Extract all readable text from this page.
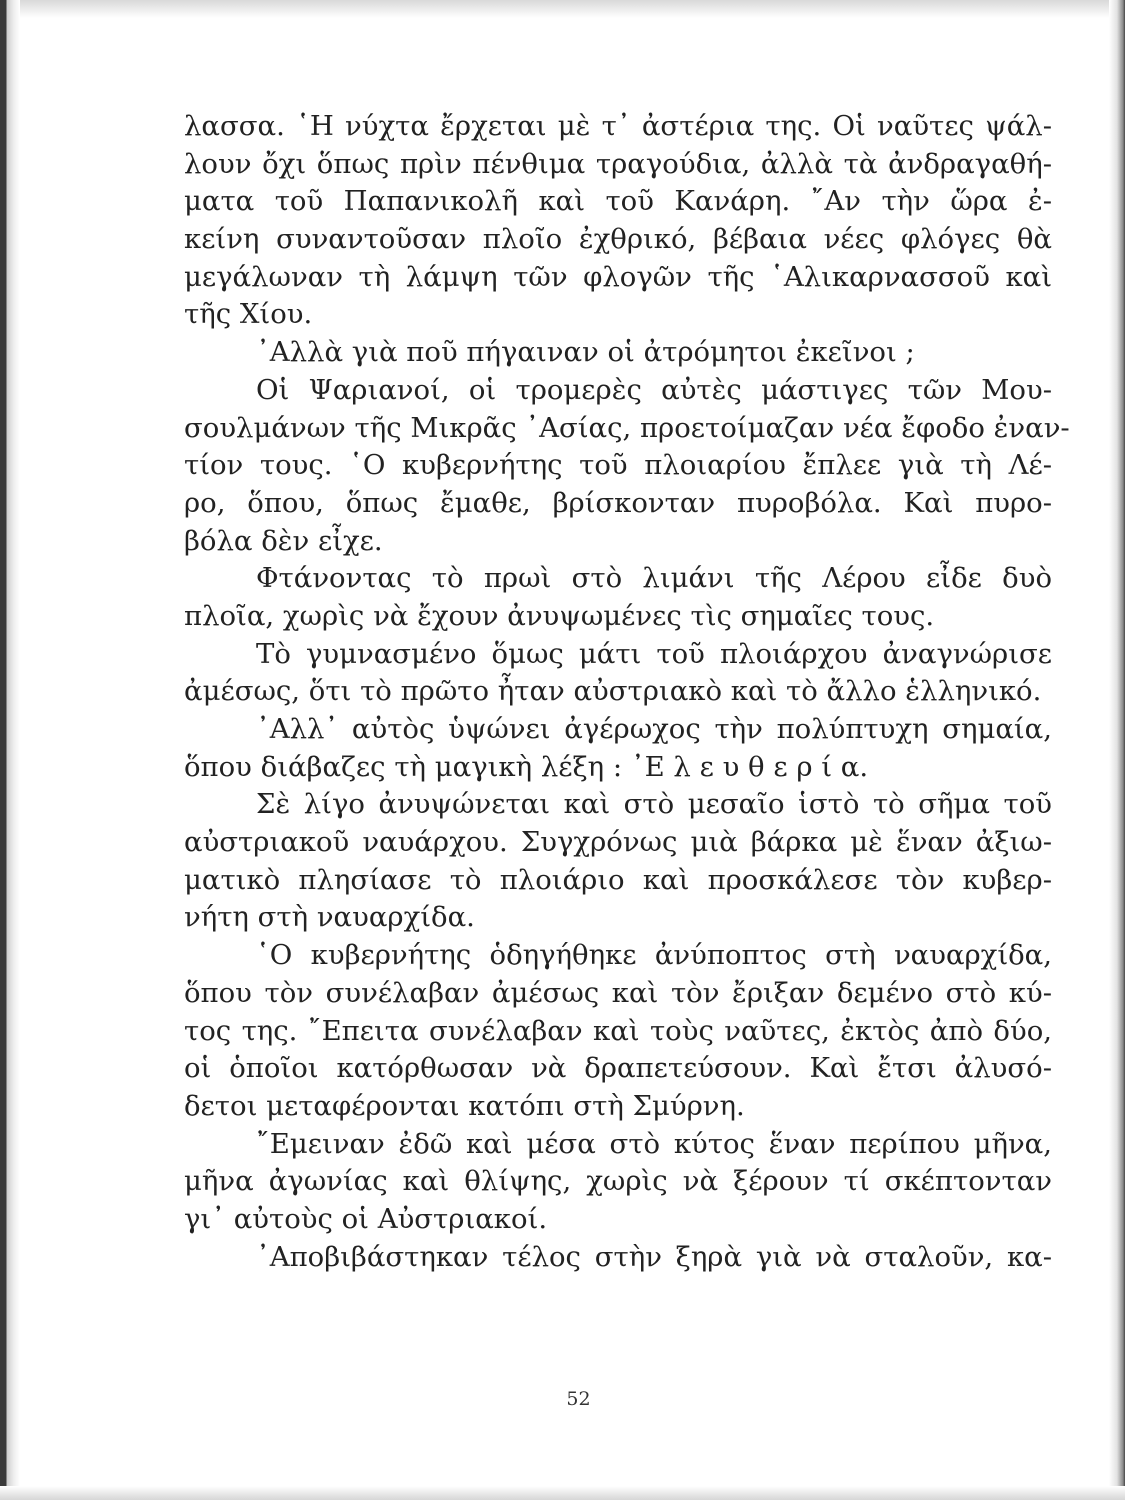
λασσα. ῾Η νύχτα ἔρχεται μὲ τ᾿ ἀστέρια της. Οἱ ναῦτες ψάλ-
λουν ὄχι ὅπως πρὶν πένθιμα τραγούδια, ἀλλὰ τὰ ἀνδραγαθή-
ματα τοῦ Παπανικολῆ καὶ τοῦ Κανάρη. ῎Αν τὴν ὥρα ἐ-
κείνη συναντοῦσαν πλοῖο ἐχθρικό, βέβαια νέες φλόγες θὰ
μεγάλωναν τὴ λάμψη τῶν φλογῶν τῆς ῾Αλικαρνασσοῦ καὶ
τῆς Χίου.
᾿Αλλὰ γιὰ ποῦ πήγαιναν οἱ ἀτρόμητοι ἐκεῖνοι ;
Οἱ Ψαριανοί, οἱ τρομερὲς αὐτὲς μάστιγες τῶν Μου-
σουλμάνων τῆς Μικρᾶς ᾿Ασίας, προετοίμαζαν νέα ἔφοδο ἐναν-
τίον τους. ῾Ο κυβερνήτης τοῦ πλοιαρίου ἔπλεε γιὰ τὴ Λέ-
ρο, ὅπου, ὅπως ἔμαθε, βρίσκονταν πυροβόλα. Καὶ πυρο-
βόλα δὲν εἶχε.
Φτάνοντας τὸ πρωὶ στὸ λιμάνι τῆς Λέρου εἶδε δυὸ
πλοῖα, χωρὶς νὰ ἔχουν ἀνυψωμένες τὶς σημαῖες τους.
Τὸ γυμνασμένο ὅμως μάτι τοῦ πλοιάρχου ἀναγνώρισε
ἀμέσως, ὅτι τὸ πρῶτο ἦταν αὐστριακὸ καὶ τὸ ἄλλο ἑλληνικό.
᾿Αλλ᾿ αὐτὸς ὑψώνει ἀγέρωχος τὴν πολύπτυχη σημαία,
ὅπου διάβαζες τὴ μαγικὴ λέξη : ᾿Ε λ ε υ θ ε ρ ί α.
Σὲ λίγο ἀνυψώνεται καὶ στὸ μεσαῖο ἱστὸ τὸ σῆμα τοῦ
αὐστριακοῦ ναυάρχου. Συγχρόνως μιὰ βάρκα μὲ ἕναν ἀξιω-
ματικὸ πλησίασε τὸ πλοιάριο καὶ προσκάλεσε τὸν κυβερ-
νήτη στὴ ναυαρχίδα.
῾Ο κυβερνήτης ὁδηγήθηκε ἀνύποπτος στὴ ναυαρχίδα,
ὅπου τὸν συνέλαβαν ἀμέσως καὶ τὸν ἔριξαν δεμένο στὸ κύ-
τος της. ῎Επειτα συνέλαβαν καὶ τοὺς ναῦτες, ἐκτὸς ἀπὸ δύο,
οἱ ὁποῖοι κατόρθωσαν νὰ δραπετεύσουν. Καὶ ἔτσι ἀλυσό-
δετοι μεταφέρονται κατόπι στὴ Σμύρνη.
῎Εμειναν ἐδῶ καὶ μέσα στὸ κύτος ἕναν περίπου μῆνα,
μῆνα ἀγωνίας καὶ θλίψης, χωρὶς νὰ ξέρουν τί σκέπτονταν
γι᾿ αὐτοὺς οἱ Αὐστριακοί.
᾿Αποβιβάστηκαν τέλος στὴν ξηρὰ γιὰ νὰ σταλοῦν, κα-
52
